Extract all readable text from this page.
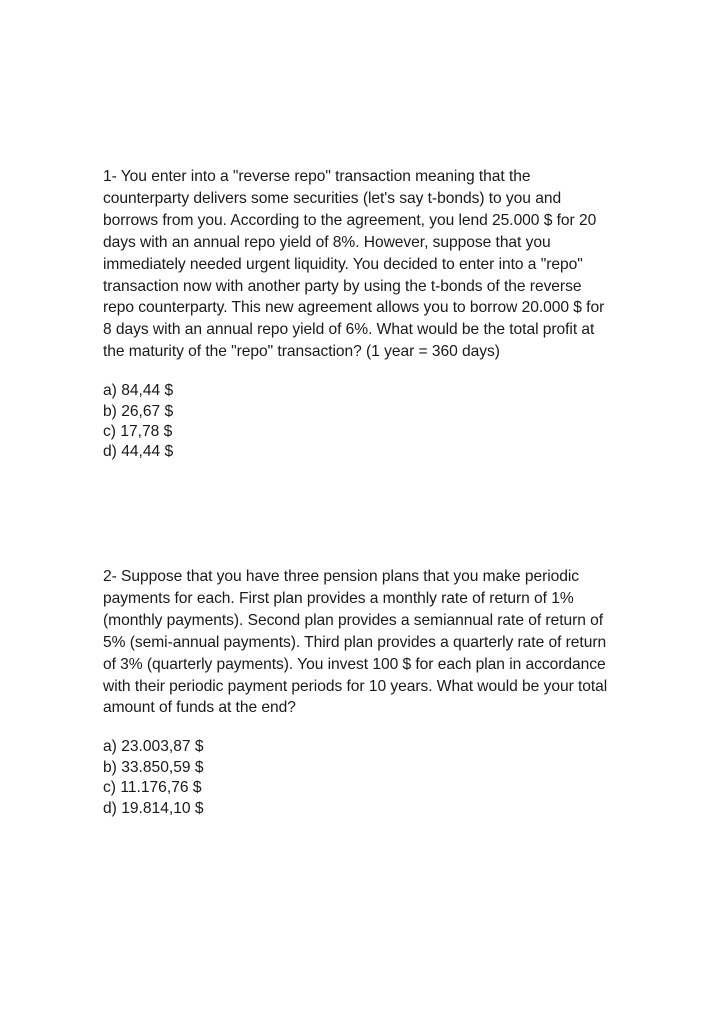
1- You enter into a "reverse repo" transaction meaning that the
counterparty delivers some securities (let's say t-bonds) to you and
borrows from you. According to the agreement, you lend 25.000 $ for 20
days with an annual repo yield of 8%. However, suppose that you
immediately needed urgent liquidity. You decided to enter into a "repo"
transaction now with another party by using the t-bonds of the reverse
repo counterparty. This new agreement allows you to borrow 20.000 $ for
8 days with an annual repo yield of 6%. What would be the total profit at
the maturity of the "repo" transaction? (1 year = 360 days)

a) 84,44 $
b) 26,67 $
c) 17,78 $
d) 44,44 $

2- Suppose that you have three pension plans that you make periodic
payments for each. First plan provides a monthly rate of return of 1%
(monthly payments). Second plan provides a semiannual rate of return of
5% (semi-annual payments). Third plan provides a quarterly rate of return
of 3% (quarterly payments). You invest 100 $ for each plan in accordance
with their periodic payment periods for 10 years. What would be your total
amount of funds at the end?

a) 23.003,87 $
b) 33.850,59 $
c) 11.176,76 $
d) 19.814,10 $
